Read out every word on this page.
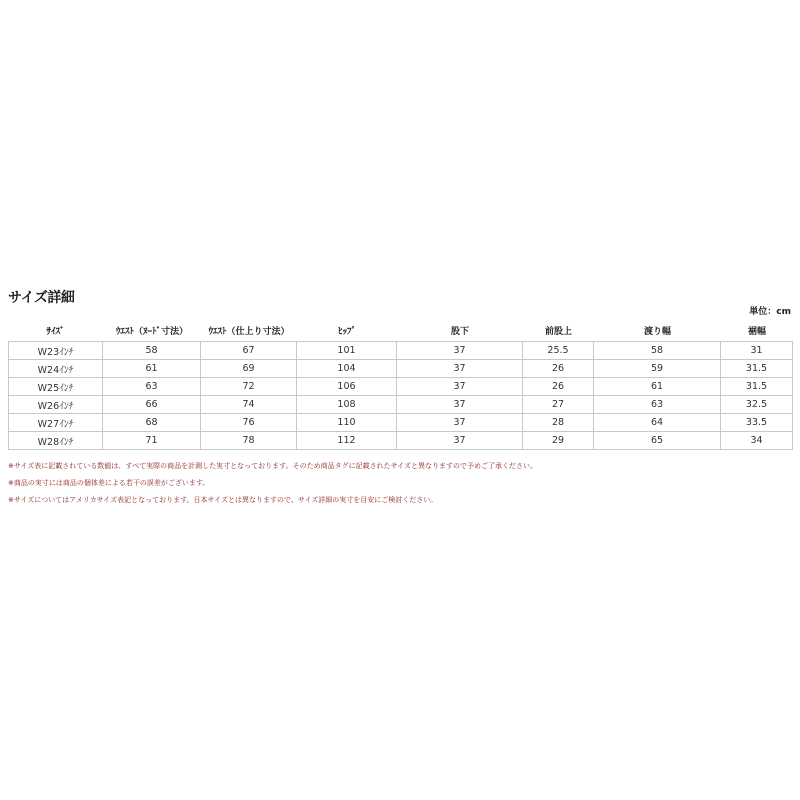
サイズ詳細
単位：cm
ｻｲｽﾞ	ｳｴｽﾄ（ﾇｰﾄﾞ寸法）	ｳｴｽﾄ（仕上り寸法）	ﾋｯﾌﾟ	股下	前股上	渡り幅	裾幅
W23ｲﾝﾁ	58	67	101	37	25.5	58	31
W24ｲﾝﾁ	61	69	104	37	26	59	31.5
W25ｲﾝﾁ	63	72	106	37	26	61	31.5
W26ｲﾝﾁ	66	74	108	37	27	63	32.5
W27ｲﾝﾁ	68	76	110	37	28	64	33.5
W28ｲﾝﾁ	71	78	112	37	29	65	34
※サイズ表に記載されている数値は、すべて実際の商品を計測した実寸となっております。そのため商品タグに記載されたサイズと異なりますので予めご了承ください。
※商品の実寸には商品の個体差による若干の誤差がございます。
※サイズについてはアメリカサイズ表記となっております。日本サイズとは異なりますので、サイズ詳細の実寸を目安にご検討ください。
